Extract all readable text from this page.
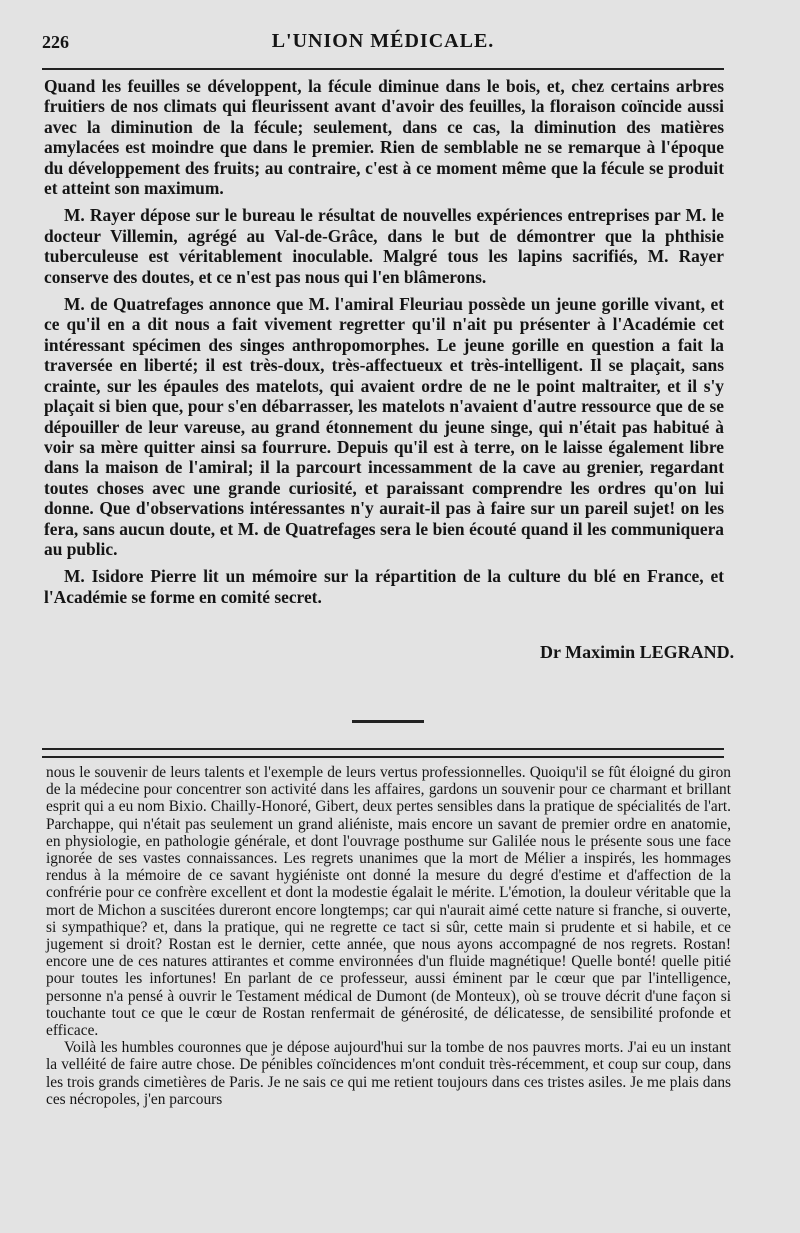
226	L'UNION MÉDICALE.

Quand les feuilles se développent, la fécule diminue dans le bois, et, chez certains arbres fruitiers de nos climats qui fleurissent avant d'avoir des feuilles, la floraison coïncide aussi avec la diminution de la fécule; seulement, dans ce cas, la diminution des matières amylacées est moindre que dans le premier. Rien de semblable ne se remarque à l'époque du développement des fruits; au contraire, c'est à ce moment même que la fécule se produit et atteint son maximum.

M. Rayer dépose sur le bureau le résultat de nouvelles expériences entreprises par M. le docteur Villemin, agrégé au Val-de-Grâce, dans le but de démontrer que la phthisie tuberculeuse est véritablement inoculable. Malgré tous les lapins sacrifiés, M. Rayer conserve des doutes, et ce n'est pas nous qui l'en blâmerons.

M. de Quatrefages annonce que M. l'amiral Fleuriau possède un jeune gorille vivant, et ce qu'il en a dit nous a fait vivement regretter qu'il n'ait pu présenter à l'Académie cet intéressant spécimen des singes anthropomorphes. Le jeune gorille en question a fait la traversée en liberté; il est très-doux, très-affectueux et très-intelligent. Il se plaçait, sans crainte, sur les épaules des matelots, qui avaient ordre de ne le point maltraiter, et il s'y plaçait si bien que, pour s'en débarrasser, les matelots n'avaient d'autre ressource que de se dépouiller de leur vareuse, au grand étonnement du jeune singe, qui n'était pas habitué à voir sa mère quitter ainsi sa fourrure. Depuis qu'il est à terre, on le laisse également libre dans la maison de l'amiral; il la parcourt incessamment de la cave au grenier, regardant toutes choses avec une grande curiosité, et paraissant comprendre les ordres qu'on lui donne. Que d'observations intéressantes n'y aurait-il pas à faire sur un pareil sujet! on les fera, sans aucun doute, et M. de Quatrefages sera le bien écouté quand il les communiquera au public.

M. Isidore Pierre lit un mémoire sur la répartition de la culture du blé en France, et l'Académie se forme en comité secret.

Dr Maximin LEGRAND.

nous le souvenir de leurs talents et l'exemple de leurs vertus professionnelles. Quoiqu'il se fût éloigné du giron de la médecine pour concentrer son activité dans les affaires, gardons un souvenir pour ce charmant et brillant esprit qui a eu nom Bixio. Chailly-Honoré, Gibert, deux pertes sensibles dans la pratique de spécialités de l'art. Parchappe, qui n'était pas seulement un grand aliéniste, mais encore un savant de premier ordre en anatomie, en physiologie, en pathologie générale, et dont l'ouvrage posthume sur Galilée nous le présente sous une face ignorée de ses vastes connaissances. Les regrets unanimes que la mort de Mélier a inspirés, les hommages rendus à la mémoire de ce savant hygiéniste ont donné la mesure du degré d'estime et d'affection de la confrérie pour ce confrère excellent et dont la modestie égalait le mérite. L'émotion, la douleur véritable que la mort de Michon a suscitées dureront encore longtemps; car qui n'aurait aimé cette nature si franche, si ouverte, si sympathique? et, dans la pratique, qui ne regrette ce tact si sûr, cette main si prudente et si habile, et ce jugement si droit? Rostan est le dernier, cette année, que nous ayons accompagné de nos regrets. Rostan! encore une de ces natures attirantes et comme environnées d'un fluide magnétique! Quelle bonté! quelle pitié pour toutes les infortunes! En parlant de ce professeur, aussi éminent par le cœur que par l'intelligence, personne n'a pensé à ouvrir le Testament médical de Dumont (de Monteux), où se trouve décrit d'une façon si touchante tout ce que le cœur de Rostan renfermait de générosité, de délicatesse, de sensibilité profonde et efficace.

Voilà les humbles couronnes que je dépose aujourd'hui sur la tombe de nos pauvres morts. J'ai eu un instant la velléité de faire autre chose. De pénibles coïncidences m'ont conduit très-récemment, et coup sur coup, dans les trois grands cimetières de Paris. Je ne sais ce qui me retient toujours dans ces tristes asiles. Je me plais dans ces nécropoles, j'en parcours
